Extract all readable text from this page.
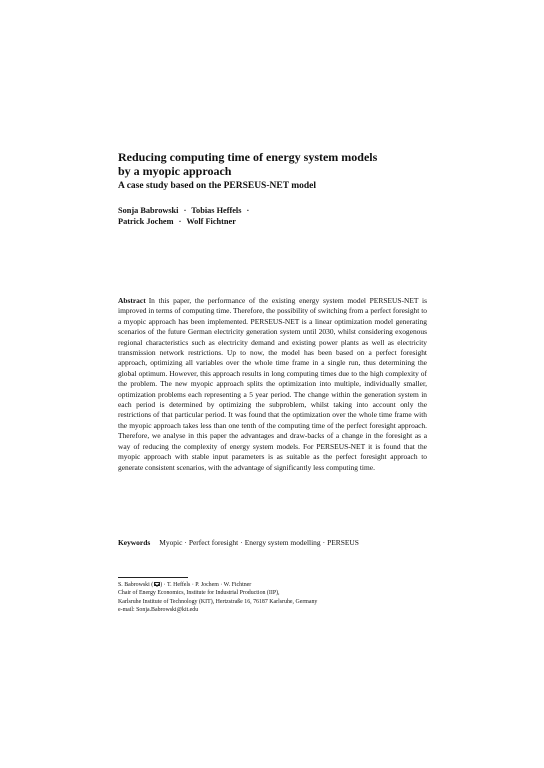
Reducing computing time of energy system models
by a myopic approach
A case study based on the PERSEUS-NET model
Sonja Babrowski · Tobias Heffels ·
Patrick Jochem · Wolf Fichtner

Abstract In this paper, the performance of the existing energy system model PERSEUS-NET is improved in terms of computing time. Therefore, the possibility of switching from a perfect foresight to a myopic approach has been implemented. PERSEUS-NET is a linear optimization model generating scenarios of the future German electricity generation system until 2030, whilst considering exogenous regional characteristics such as electricity demand and existing power plants as well as electricity transmission network restrictions. Up to now, the model has been based on a perfect foresight approach, optimizing all variables over the whole time frame in a single run, thus determining the global optimum. However, this approach results in long computing times due to the high complexity of the problem. The new myopic approach splits the optimization into multiple, individually smaller, optimization problems each representing a 5 year period. The change within the generation system in each period is determined by optimizing the subproblem, whilst taking into account only the restrictions of that particular period. It was found that the optimization over the whole time frame with the myopic approach takes less than one tenth of the computing time of the perfect foresight approach. Therefore, we analyse in this paper the advantages and draw-backs of a change in the foresight as a way of reducing the complexity of energy system models. For PERSEUS-NET it is found that the myopic approach with stable input parameters is as suitable as the perfect foresight approach to generate consistent scenarios, with the advantage of significantly less computing time.

Keywords Myopic · Perfect foresight · Energy system modelling · PERSEUS
S. Babrowski ( ) · T. Heffels · P. Jochem · W. Fichtner
Chair of Energy Economics, Institute for Industrial Production (IIP),
Karlsruhe Institute of Technology (KIT), Hertzstraße 16, 76187 Karlsruhe, Germany
e-mail: Sonja.Babrowski@kit.edu
